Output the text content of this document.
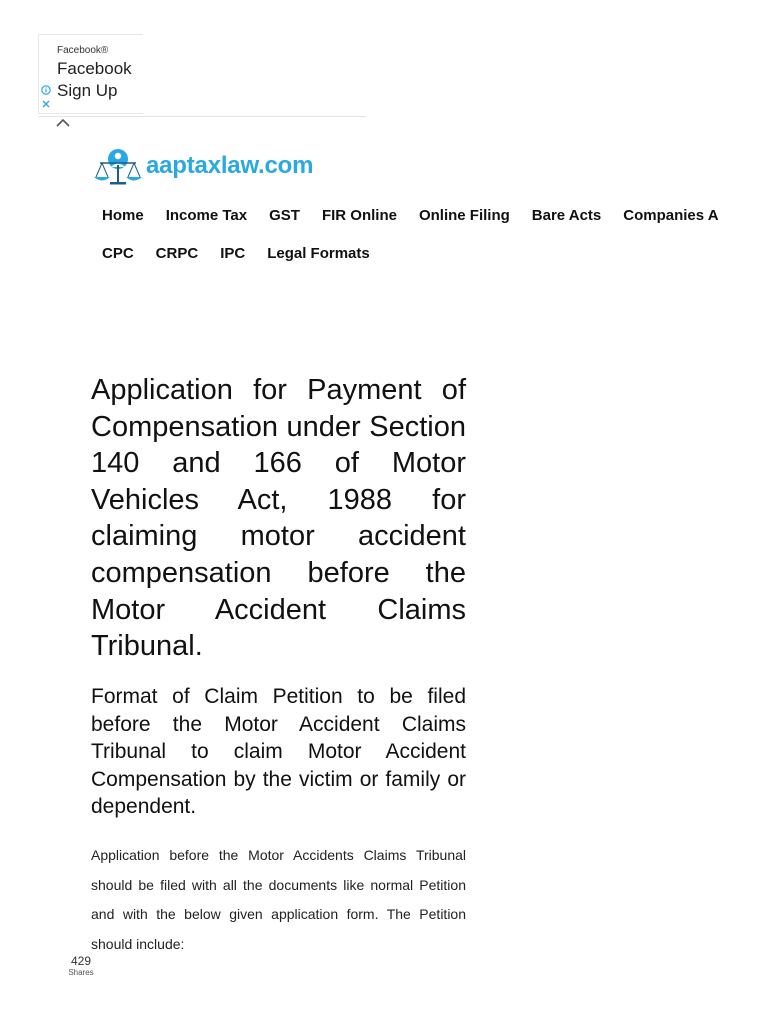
Facebook®
Facebook
Sign Up
aaptaxlaw.com
Home Income Tax GST FIR Online Online Filing Bare Acts Companies A
CPC CRPC IPC Legal Formats
Application for Payment of Compensation under Section 140 and 166 of Motor Vehicles Act, 1988 for claiming motor accident compensation before the Motor Accident Claims Tribunal.
Format of Claim Petition to be filed before the Motor Accident Claims Tribunal to claim Motor Accident Compensation by the victim or family or dependent.

Application before the Motor Accidents Claims Tribunal should be filed with all the documents like normal Petition and with the below given application form. The Petition should include:

429
Shares
